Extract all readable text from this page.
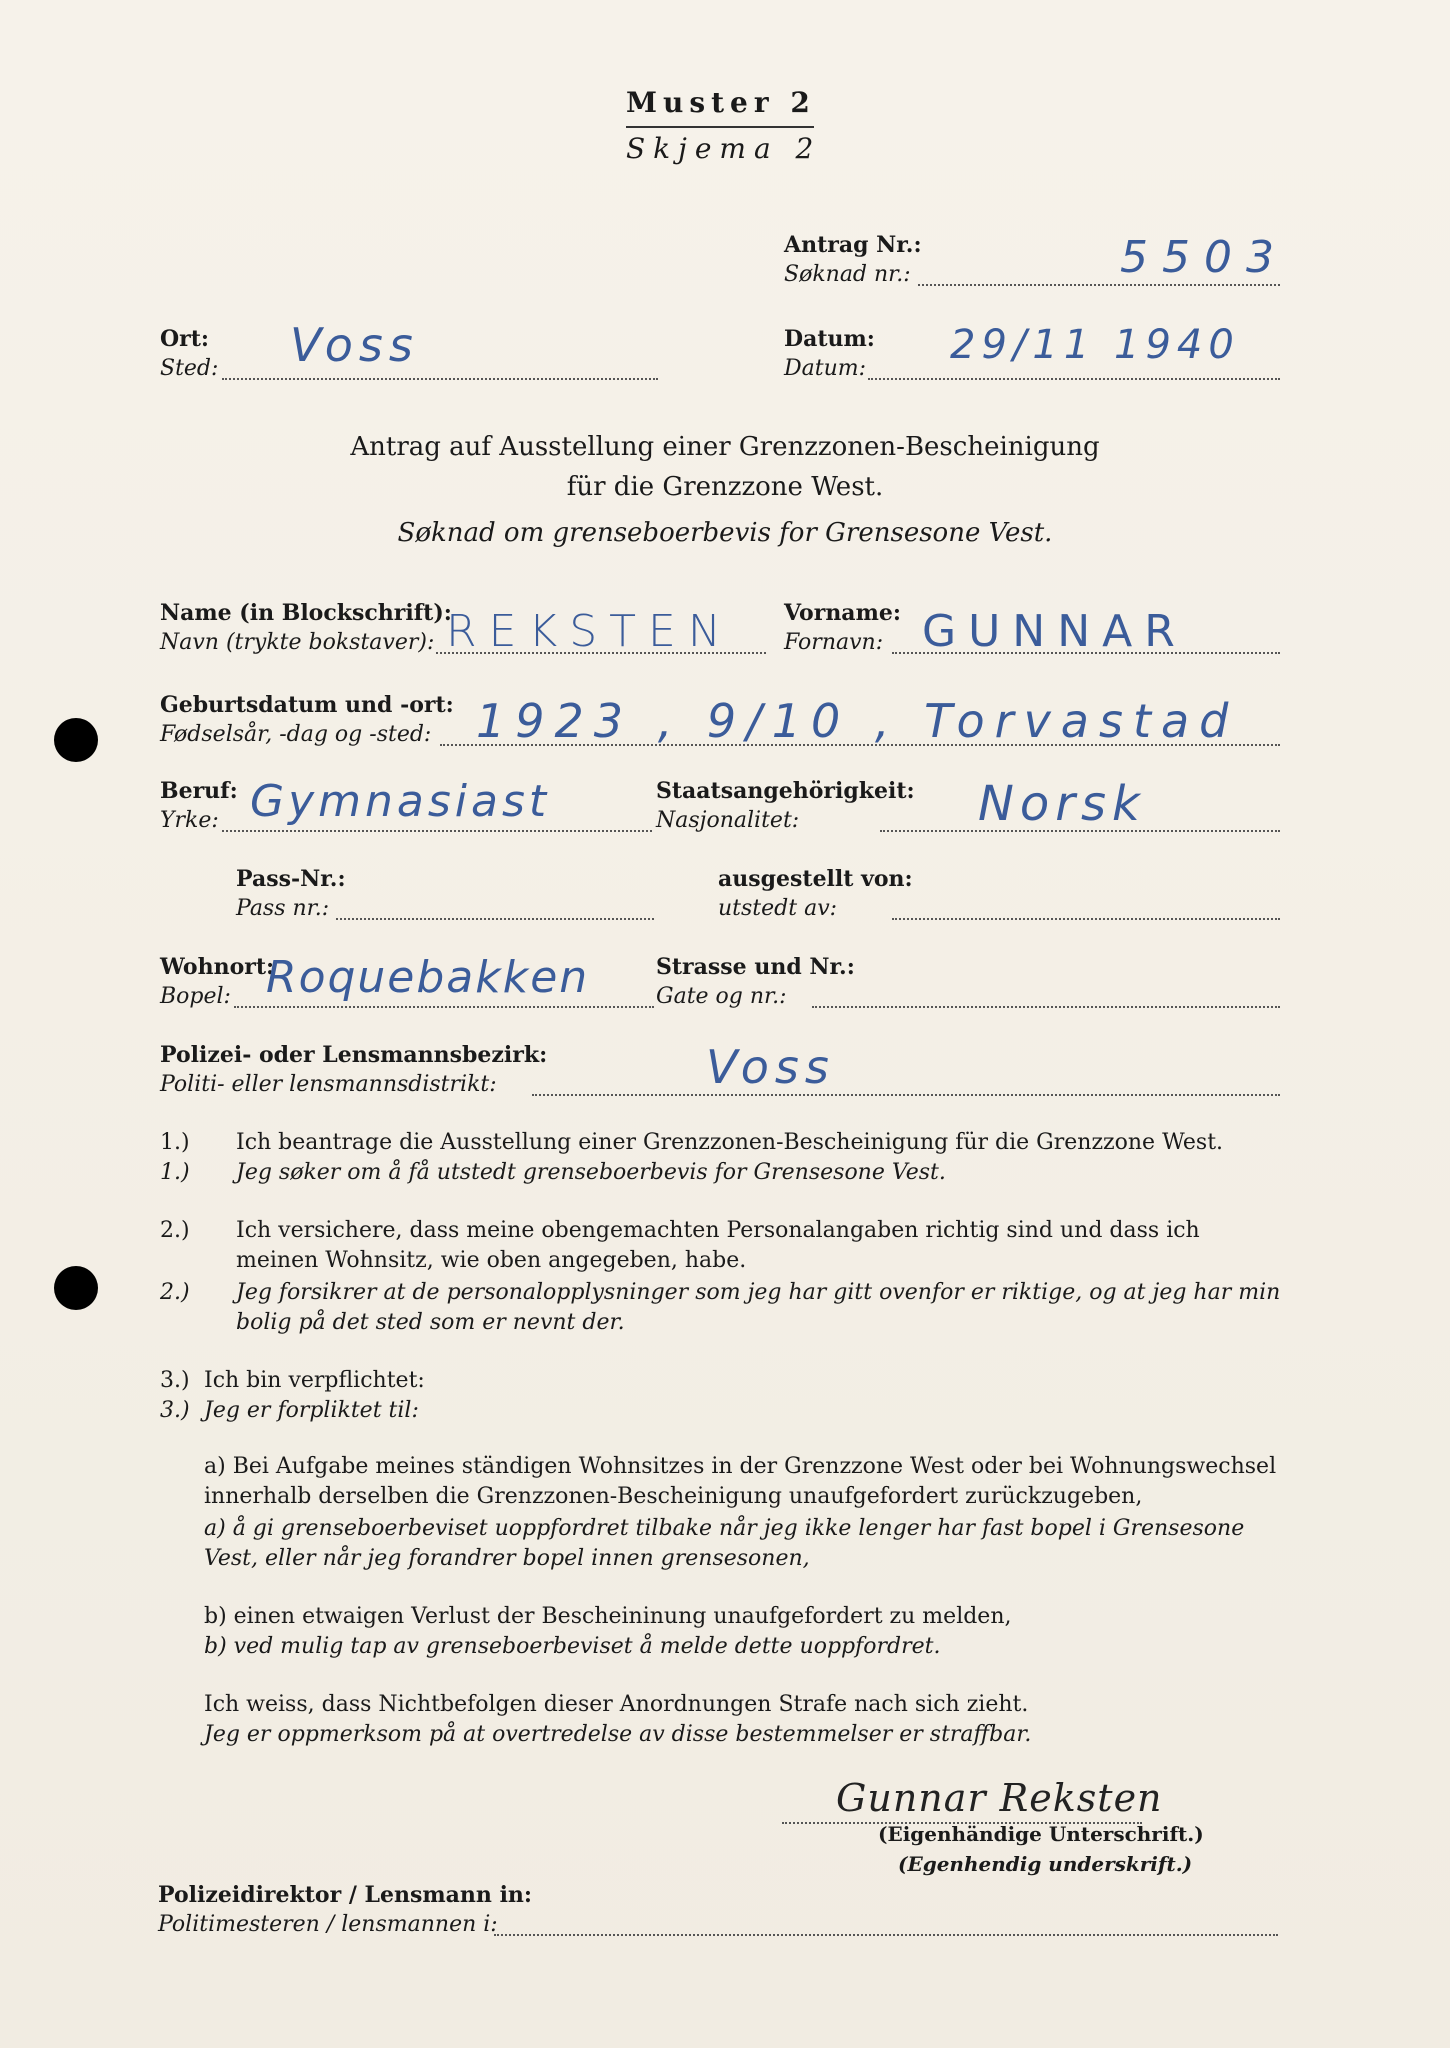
Muster 2
Skjema 2
Antrag Nr.:
Søknad nr.:	5503
Ort:
Sted: Voss	Datum:
Datum:
29/11 1940
Antrag auf Ausstellung einer Grenzzonen-Bescheinigung
für die Grenzzone West.
Søknad om grenseboerbevis for Grensesone Vest.
Name (in Blockschrift):
Navn (trykte bokstaver): REKSTEN Vorname:
Fornavn: GUNNAR
Geburtsdatum und -ort:
Fødselsår, -dag og -sted: 1923 , 9/10 , Torvastad
Beruf:
Yrke: Gymnasiast	Staatsangehörigkeit:
Nasjonalitet:	Norsk
Pass-Nr.:
Pass nr.:
ausgestellt von:
utstedt av:
Wohnort:
Bopel: Roquebakken	Strasse und Nr.:
Gate og nr.:
Polizei- oder Lensmannsbezirk:
Politi- eller lensmannsdistrikt:	Voss
1.) Ich beantrage die Ausstellung einer Grenzzonen-Bescheinigung für die Grenzzone West.
1.) Jeg søker om å få utstedt grenseboerbevis for Grensesone Vest.
2.) Ich versichere, dass meine obengemachten Personalangaben richtig sind und dass ich meinen Wohnsitz, wie oben angegeben, habe.
2.) Jeg forsikrer at de personalopplysninger som jeg har gitt ovenfor er riktige, og at jeg har min bolig på det sted som er nevnt der.
3.) Ich bin verpflichtet:
3.) Jeg er forpliktet til:
a) Bei Aufgabe meines ständigen Wohnsitzes in der Grenzzone West oder bei Wohnungswechsel innerhalb derselben die Grenzzonen-Bescheinigung unaufgefordert zurückzugeben,
a) å gi grenseboerbeviset uoppfordret tilbake når jeg ikke lenger har fast bopel i Grensesone Vest, eller når jeg forandrer bopel innen grensesonen,
b) einen etwaigen Verlust der Bescheininung unaufgefordert zu melden,
b) ved mulig tap av grenseboerbeviset å melde dette uoppfordret.
Ich weiss, dass Nichtbefolgen dieser Anordnungen Strafe nach sich zieht.
Jeg er oppmerksom på at overtredelse av disse bestemmelser er straffbar.
Gunnar Reksten
(Eigenhändige Unterschrift.)
(Egenhendig underskrift.)
Polizeidirektor / Lensmann in:
Politimesteren / lensmannen i:
